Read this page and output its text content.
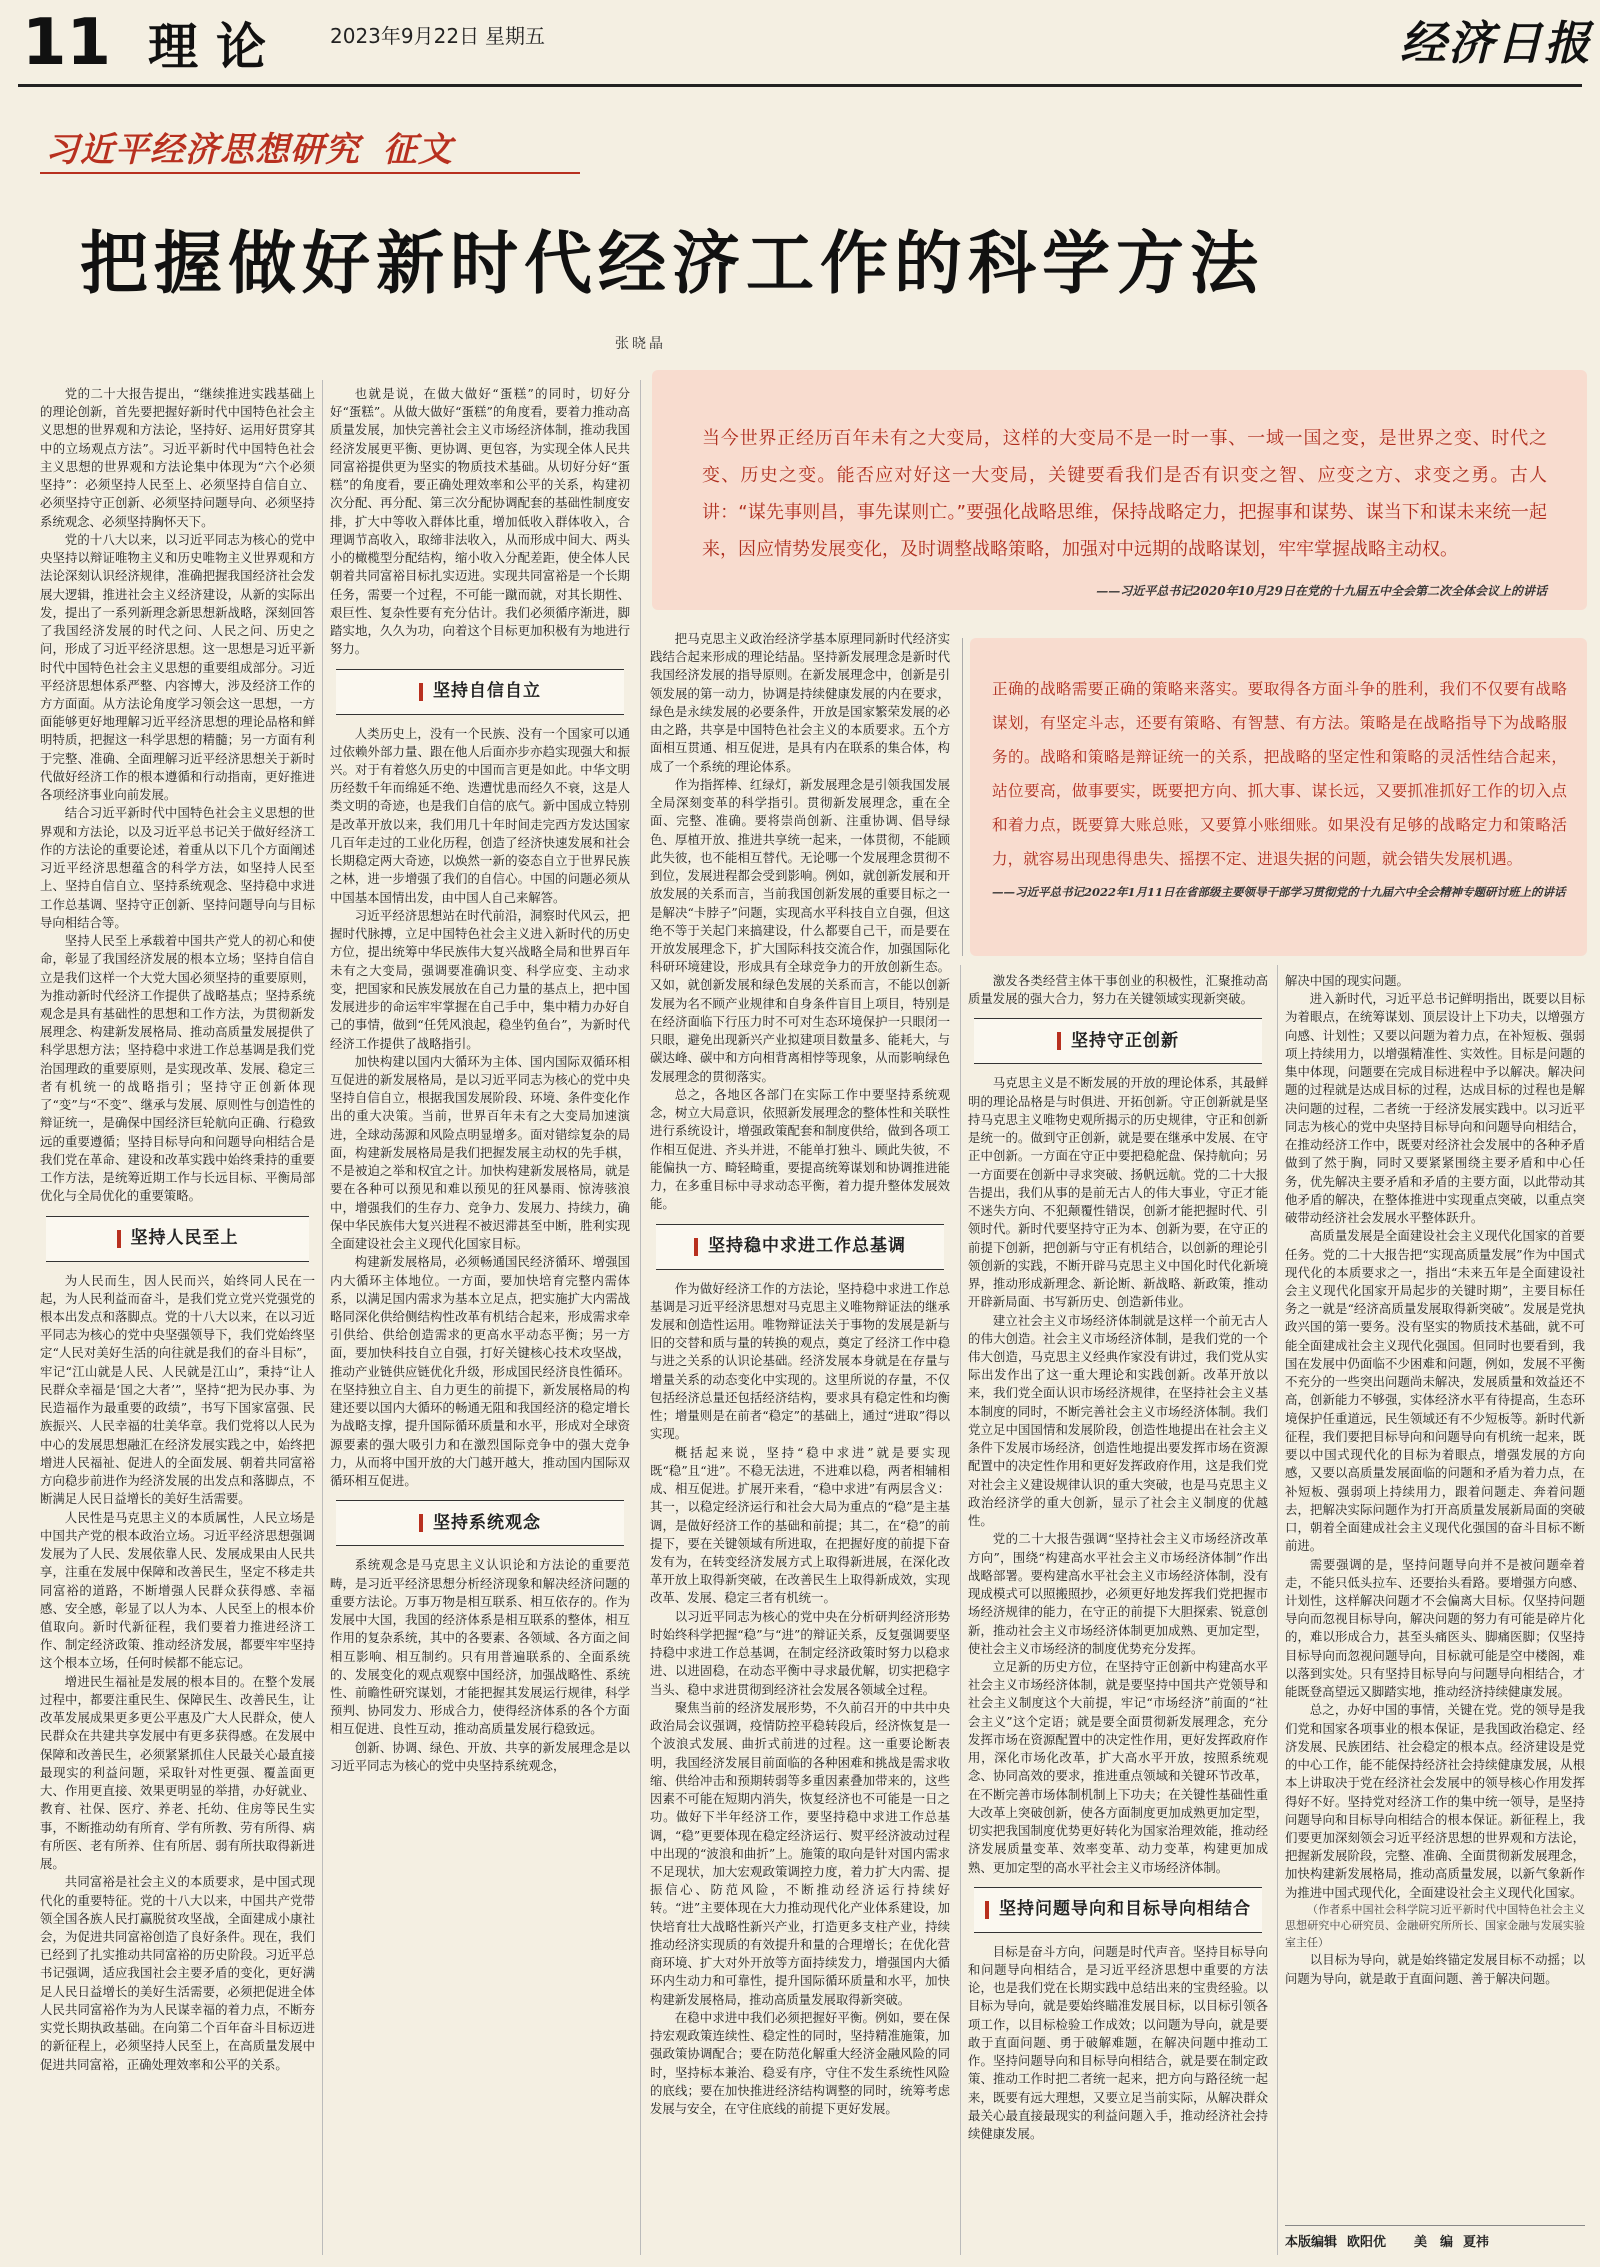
11 理论 2023年9月22日 星期五	经济日报
习近平经济思想研究 征文
把握做好新时代经济工作的科学方法
张晓晶
当今世界正经历百年未有之大变局，这样的大变局不是一时一事、一域一国之变，是世界之变、时代之变、历史之变。能否应对好这一大变局，关键要看我们是否有识变之智、应变之方、求变之勇。古人讲：“谋先事则昌，事先谋则亡。”要强化战略思维，保持战略定力，把握事和谋势、谋当下和谋未来统一起来，因应情势发展变化，及时调整战略策略，加强对中远期的战略谋划，牢牢掌握战略主动权。
——习近平总书记2020年10月29日在党的十九届五中全会第二次全体会议上的讲话
正确的战略需要正确的策略来落实。要取得各方面斗争的胜利，我们不仅要有战略谋划，有坚定斗志，还要有策略、有智慧、有方法。策略是在战略指导下为战略服务的。战略和策略是辩证统一的关系，把战略的坚定性和策略的灵活性结合起来，站位要高，做事要实，既要把方向、抓大事、谋长远，又要抓准抓好工作的切入点和着力点，既要算大账总账，又要算小账细账。如果没有足够的战略定力和策略活力，就容易出现患得患失、摇摆不定、进退失据的问题，就会错失发展机遇。
——习近平总书记2022年1月11日在省部级主要领导干部学习贯彻党的十九届六中全会精神专题研讨班上的讲话

党的二十大报告提出，“继续推进实践基础上的理论创新，首先要把握好新时代中国特色社会主义思想的世界观和方法论，坚持好、运用好贯穿其中的立场观点方法”。习近平新时代中国特色社会主义思想的世界观和方法论集中体现为“六个必须坚持”：必须坚持人民至上、必须坚持自信自立、必须坚持守正创新、必须坚持问题导向、必须坚持系统观念、必须坚持胸怀天下。

党的十八大以来，以习近平同志为核心的党中央坚持以辩证唯物主义和历史唯物主义世界观和方法论深刻认识经济规律，准确把握我国经济社会发展大逻辑，推进社会主义经济建设，从新的实际出发，提出了一系列新理念新思想新战略，深刻回答了我国经济发展的时代之问、人民之问、历史之问，形成了习近平经济思想。这一思想是习近平新时代中国特色社会主义思想的重要组成部分。习近平经济思想体系严整、内容博大，涉及经济工作的方方面面。从方法论角度学习领会这一思想，一方面能够更好地理解习近平经济思想的理论品格和鲜明特质，把握这一科学思想的精髓；另一方面有利于完整、准确、全面理解习近平经济思想关于新时代做好经济工作的根本遵循和行动指南，更好推进各项经济事业向前发展。

结合习近平新时代中国特色社会主义思想的世界观和方法论，以及习近平总书记关于做好经济工作的方法论的重要论述，着重从以下几个方面阐述习近平经济思想蕴含的科学方法，如坚持人民至上、坚持自信自立、坚持系统观念、坚持稳中求进工作总基调、坚持守正创新、坚持问题导向与目标导向相结合等。

坚持人民至上承载着中国共产党人的初心和使命，彰显了我国经济发展的根本立场；坚持自信自立是我们这样一个大党大国必须坚持的重要原则，为推动新时代经济工作提供了战略基点；坚持系统观念是具有基础性的思想和工作方法，为贯彻新发展理念、构建新发展格局、推动高质量发展提供了科学思想方法；坚持稳中求进工作总基调是我们党治国理政的重要原则，是实现改革、发展、稳定三者有机统一的战略指引；坚持守正创新体现了“变”与“不变”、继承与发展、原则性与创造性的辩证统一，是确保中国经济巨轮航向正确、行稳致远的重要遵循；坚持目标导向和问题导向相结合是我们党在革命、建设和改革实践中始终秉持的重要工作方法，是统筹近期工作与长远目标、平衡局部优化与全局优化的重要策略。

坚持人民至上

为人民而生，因人民而兴，始终同人民在一起，为人民利益而奋斗，是我们党立党兴党强党的根本出发点和落脚点。党的十八大以来，在以习近平同志为核心的党中央坚强领导下，我们党始终坚定“人民对美好生活的向往就是我们的奋斗目标”，牢记“江山就是人民、人民就是江山”，秉持“让人民群众幸福是‘国之大者’”，坚持“把为民办事、为民造福作为最重要的政绩”，书写下国家富强、民族振兴、人民幸福的壮美华章。我们党将以人民为中心的发展思想融汇在经济发展实践之中，始终把增进人民福祉、促进人的全面发展、朝着共同富裕方向稳步前进作为经济发展的出发点和落脚点，不断满足人民日益增长的美好生活需要。

人民性是马克思主义的本质属性，人民立场是中国共产党的根本政治立场。习近平经济思想强调发展为了人民、发展依靠人民、发展成果由人民共享，注重在发展中保障和改善民生，坚定不移走共同富裕的道路，不断增强人民群众获得感、幸福感、安全感，彰显了以人为本、人民至上的根本价值取向。新时代新征程，我们要着力推进经济工作、制定经济政策、推动经济发展，都要牢牢坚持这个根本立场，任何时候都不能忘记。

增进民生福祉是发展的根本目的。在整个发展过程中，都要注重民生、保障民生、改善民生，让改革发展成果更多更公平惠及广大人民群众，使人民群众在共建共享发展中有更多获得感。在发展中保障和改善民生，必须紧紧抓住人民最关心最直接最现实的利益问题，采取针对性更强、覆盖面更大、作用更直接、效果更明显的举措，办好就业、教育、社保、医疗、养老、托幼、住房等民生实事，不断推动幼有所育、学有所教、劳有所得、病有所医、老有所养、住有所居、弱有所扶取得新进展。

共同富裕是社会主义的本质要求，是中国式现代化的重要特征。党的十八大以来，中国共产党带领全国各族人民打赢脱贫攻坚战，全面建成小康社会，为促进共同富裕创造了良好条件。现在，我们已经到了扎实推动共同富裕的历史阶段。习近平总书记强调，适应我国社会主要矛盾的变化，更好满足人民日益增长的美好生活需要，必须把促进全体人民共同富裕作为为人民谋幸福的着力点，不断夯实党长期执政基础。在向第二个百年奋斗目标迈进的新征程上，必须坚持人民至上，在高质量发展中促进共同富裕，正确处理效率和公平的关系。

也就是说，在做大做好“蛋糕”的同时，切好分好“蛋糕”。从做大做好“蛋糕”的角度看，要着力推动高质量发展，加快完善社会主义市场经济体制，推动我国经济发展更平衡、更协调、更包容，为实现全体人民共同富裕提供更为坚实的物质技术基础。从切好分好“蛋糕”的角度看，要正确处理效率和公平的关系，构建初次分配、再分配、第三次分配协调配套的基础性制度安排，扩大中等收入群体比重，增加低收入群体收入，合理调节高收入，取缔非法收入，从而形成中间大、两头小的橄榄型分配结构，缩小收入分配差距，使全体人民朝着共同富裕目标扎实迈进。实现共同富裕是一个长期任务，需要一个过程，不可能一蹴而就，对其长期性、艰巨性、复杂性要有充分估计。我们必须循序渐进，脚踏实地，久久为功，向着这个目标更加积极有为地进行努力。

坚持自信自立

人类历史上，没有一个民族、没有一个国家可以通过依赖外部力量、跟在他人后面亦步亦趋实现强大和振兴。对于有着悠久历史的中国而言更是如此。中华文明历经数千年而绵延不绝、迭遭忧患而经久不衰，这是人类文明的奇迹，也是我们自信的底气。新中国成立特别是改革开放以来，我们用几十年时间走完西方发达国家几百年走过的工业化历程，创造了经济快速发展和社会长期稳定两大奇迹，以焕然一新的姿态自立于世界民族之林，进一步增强了我们的自信心。中国的问题必须从中国基本国情出发，由中国人自己来解答。

习近平经济思想站在时代前沿，洞察时代风云，把握时代脉搏，立足中国特色社会主义进入新时代的历史方位，提出统筹中华民族伟大复兴战略全局和世界百年未有之大变局，强调要准确识变、科学应变、主动求变，把国家和民族发展放在自己力量的基点上，把中国发展进步的命运牢牢掌握在自己手中，集中精力办好自己的事情，做到“任凭风浪起，稳坐钓鱼台”，为新时代经济工作提供了战略指引。

加快构建以国内大循环为主体、国内国际双循环相互促进的新发展格局，是以习近平同志为核心的党中央坚持自信自立，根据我国发展阶段、环境、条件变化作出的重大决策。当前，世界百年未有之大变局加速演进，全球动荡源和风险点明显增多。面对错综复杂的局面，构建新发展格局是我们把握发展主动权的先手棋，不是被迫之举和权宜之计。加快构建新发展格局，就是要在各种可以预见和难以预见的狂风暴雨、惊涛骇浪中，增强我们的生存力、竞争力、发展力、持续力，确保中华民族伟大复兴进程不被迟滞甚至中断，胜利实现全面建设社会主义现代化国家目标。

构建新发展格局，必须畅通国民经济循环、增强国内大循环主体地位。一方面，要加快培育完整内需体系，以满足国内需求为基本立足点，把实施扩大内需战略同深化供给侧结构性改革有机结合起来，形成需求牵引供给、供给创造需求的更高水平动态平衡；另一方面，要加快科技自立自强，打好关键核心技术攻坚战，推动产业链供应链优化升级，形成国民经济良性循环。在坚持独立自主、自力更生的前提下，新发展格局的构建还要以国内大循环的畅通无阻和我国经济的稳定增长为战略支撑，提升国际循环质量和水平，形成对全球资源要素的强大吸引力和在激烈国际竞争中的强大竞争力，从而将中国开放的大门越开越大，推动国内国际双循环相互促进。

坚持系统观念

系统观念是马克思主义认识论和方法论的重要范畴，是习近平经济思想分析经济现象和解决经济问题的重要方法论。万事万物是相互联系、相互依存的。作为发展中大国，我国的经济体系是相互联系的整体，相互作用的复杂系统，其中的各要素、各领域、各方面之间相互影响、相互制约。只有用普遍联系的、全面系统的、发展变化的观点观察中国经济，加强战略性、系统性、前瞻性研究谋划，才能把握其发展运行规律，科学预判、协同发力、形成合力，使得经济体系的各个方面相互促进、良性互动，推动高质量发展行稳致远。

创新、协调、绿色、开放、共享的新发展理念是以习近平同志为核心的党中央坚持系统观念，

把马克思主义政治经济学基本原理同新时代经济实践结合起来形成的理论结晶。坚持新发展理念是新时代我国经济发展的指导原则。在新发展理念中，创新是引领发展的第一动力，协调是持续健康发展的内在要求，绿色是永续发展的必要条件，开放是国家繁荣发展的必由之路，共享是中国特色社会主义的本质要求。五个方面相互贯通、相互促进，是具有内在联系的集合体，构成了一个系统的理论体系。

作为指挥棒、红绿灯，新发展理念是引领我国发展全局深刻变革的科学指引。贯彻新发展理念，重在全面、完整、准确。要将崇尚创新、注重协调、倡导绿色、厚植开放、推进共享统一起来，一体贯彻，不能顾此失彼，也不能相互替代。无论哪一个发展理念贯彻不到位，发展进程都会受到影响。例如，就创新发展和开放发展的关系而言，当前我国创新发展的重要目标之一是解决“卡脖子”问题，实现高水平科技自立自强，但这绝不等于关起门来搞建设，什么都要自己干，而是要在开放发展理念下，扩大国际科技交流合作，加强国际化科研环境建设，形成具有全球竞争力的开放创新生态。又如，就创新发展和绿色发展的关系而言，不能以创新发展为名不顾产业规律和自身条件盲目上项目，特别是在经济面临下行压力时不可对生态环境保护一只眼闭一只眼，避免出现新兴产业拟建项目数量多、能耗大，与碳达峰、碳中和方向相背离相悖等现象，从而影响绿色发展理念的贯彻落实。

总之，各地区各部门在实际工作中要坚持系统观念，树立大局意识，依照新发展理念的整体性和关联性进行系统设计，增强政策配套和制度供给，做到各项工作相互促进、齐头并进，不能单打独斗、顾此失彼，不能偏执一方、畸轻畸重，要提高统筹谋划和协调推进能力，在多重目标中寻求动态平衡，着力提升整体发展效能。

坚持稳中求进工作总基调

作为做好经济工作的方法论，坚持稳中求进工作总基调是习近平经济思想对马克思主义唯物辩证法的继承发展和创造性运用。唯物辩证法关于事物的发展是新与旧的交替和质与量的转换的观点，奠定了经济工作中稳与进之关系的认识论基础。经济发展本身就是在存量与增量关系的动态变化中实现的。这里所说的存量，不仅包括经济总量还包括经济结构，要求具有稳定性和均衡性；增量则是在前者“稳定”的基础上，通过“进取”得以实现。

概括起来说，坚持“稳中求进”就是要实现既“稳”且“进”。不稳无法进，不进难以稳，两者相辅相成、相互促进。扩展开来看，“稳中求进”有两层含义：其一，以稳定经济运行和社会大局为重点的“稳”是主基调，是做好经济工作的基础和前提；其二，在“稳”的前提下，要在关键领域有所进取，在把握好度的前提下奋发有为，在转变经济发展方式上取得新进展，在深化改革开放上取得新突破，在改善民生上取得新成效，实现改革、发展、稳定三者有机统一。

以习近平同志为核心的党中央在分析研判经济形势时始终科学把握“稳”与“进”的辩证关系，反复强调要坚持稳中求进工作总基调，在制定经济政策时努力以稳求进、以进固稳，在动态平衡中寻求最优解，切实把稳字当头、稳中求进贯彻到经济社会发展各领域全过程。

聚焦当前的经济发展形势，不久前召开的中共中央政治局会议强调，疫情防控平稳转段后，经济恢复是一个波浪式发展、曲折式前进的过程。这一重要论断表明，我国经济发展目前面临的各种困难和挑战是需求收缩、供给冲击和预期转弱等多重因素叠加带来的，这些因素不可能在短期内消失，恢复经济也不可能是一日之功。做好下半年经济工作，要坚持稳中求进工作总基调，“稳”更要体现在稳定经济运行、熨平经济波动过程中出现的“波浪和曲折”上。施策的取向是针对国内需求不足现状，加大宏观政策调控力度，着力扩大内需、提振信心、防范风险，不断推动经济运行持续好转。“进”主要体现在大力推动现代化产业体系建设，加快培育壮大战略性新兴产业，打造更多支柱产业，持续推动经济实现质的有效提升和量的合理增长；在优化营商环境、扩大对外开放等方面持续发力，增强国内大循环内生动力和可靠性，提升国际循环质量和水平，加快构建新发展格局，推动高质量发展取得新突破。

在稳中求进中我们必须把握好平衡。例如，要在保持宏观政策连续性、稳定性的同时，坚持精准施策，加强政策协调配合；要在防范化解重大经济金融风险的同时，坚持标本兼治、稳妥有序，守住不发生系统性风险的底线；要在加快推进经济结构调整的同时，统筹考虑发展与安全，在守住底线的前提下更好发展。

激发各类经营主体干事创业的积极性，汇聚推动高质量发展的强大合力，努力在关键领域实现新突破。

坚持守正创新

马克思主义是不断发展的开放的理论体系，其最鲜明的理论品格是与时俱进、开拓创新。守正创新就是坚持马克思主义唯物史观所揭示的历史规律，守正和创新是统一的。做到守正创新，就是要在继承中发展、在守正中创新。一方面在守正中要把稳舵盘、保持航向；另一方面要在创新中寻求突破、扬帆远航。党的二十大报告提出，我们从事的是前无古人的伟大事业，守正才能不迷失方向、不犯颠覆性错误，创新才能把握时代、引领时代。新时代要坚持守正为本、创新为要，在守正的前提下创新，把创新与守正有机结合，以创新的理论引领创新的实践，不断开辟马克思主义中国化时代化新境界，推动形成新理念、新论断、新战略、新政策，推动开辟新局面、书写新历史、创造新伟业。

建立社会主义市场经济体制就是这样一个前无古人的伟大创造。社会主义市场经济体制，是我们党的一个伟大创造，马克思主义经典作家没有讲过，我们党从实际出发作出了这一重大理论和实践创新。改革开放以来，我们党全面认识市场经济规律，在坚持社会主义基本制度的同时，不断完善社会主义市场经济体制。我们党立足中国国情和发展阶段，创造性地提出在社会主义条件下发展市场经济，创造性地提出要发挥市场在资源配置中的决定性作用和更好发挥政府作用，这是我们党对社会主义建设规律认识的重大突破，也是马克思主义政治经济学的重大创新，显示了社会主义制度的优越性。

党的二十大报告强调“坚持社会主义市场经济改革方向”，围绕“构建高水平社会主义市场经济体制”作出战略部署。要构建高水平社会主义市场经济体制，没有现成模式可以照搬照抄，必须更好地发挥我们党把握市场经济规律的能力，在守正的前提下大胆探索、锐意创新，推动社会主义市场经济体制更加成熟、更加定型，使社会主义市场经济的制度优势充分发挥。

立足新的历史方位，在坚持守正创新中构建高水平社会主义市场经济体制，就是要坚持中国共产党领导和社会主义制度这个大前提，牢记“市场经济”前面的“社会主义”这个定语；就是要全面贯彻新发展理念，充分发挥市场在资源配置中的决定性作用，更好发挥政府作用，深化市场化改革，扩大高水平开放，按照系统观念、协同高效的要求，推进重点领域和关键环节改革，在不断完善市场体制机制上下功夫；在关键性基础性重大改革上突破创新，使各方面制度更加成熟更加定型，切实把我国制度优势更好转化为国家治理效能，推动经济发展质量变革、效率变革、动力变革，构建更加成熟、更加定型的高水平社会主义市场经济体制。

坚持问题导向和目标导向相结合

目标是奋斗方向，问题是时代声音。坚持目标导向和问题导向相结合，是习近平经济思想中重要的方法论，也是我们党在长期实践中总结出来的宝贵经验。以目标为导向，就是要始终瞄准发展目标，以目标引领各项工作，以目标检验工作成效；以问题为导向，就是要敢于直面问题、勇于破解难题，在解决问题中推动工作。坚持问题导向和目标导向相结合，就是要在制定政策、推动工作时把二者统一起来，把方向与路径统一起来，既要有远大理想，又要立足当前实际，从解决群众最关心最直接最现实的利益问题入手，推动经济社会持续健康发展。

解决中国的现实问题。

进入新时代，习近平总书记鲜明指出，既要以目标为着眼点，在统筹谋划、顶层设计上下功夫，以增强方向感、计划性；又要以问题为着力点，在补短板、强弱项上持续用力，以增强精准性、实效性。目标是问题的集中体现，问题要在完成目标进程中予以解决。解决问题的过程就是达成目标的过程，达成目标的过程也是解决问题的过程，二者统一于经济发展实践中。以习近平同志为核心的党中央坚持目标导向和问题导向相结合，在推动经济工作中，既要对经济社会发展中的各种矛盾做到了然于胸，同时又要紧紧围绕主要矛盾和中心任务，优先解决主要矛盾和矛盾的主要方面，以此带动其他矛盾的解决，在整体推进中实现重点突破，以重点突破带动经济社会发展水平整体跃升。

高质量发展是全面建设社会主义现代化国家的首要任务。党的二十大报告把“实现高质量发展”作为中国式现代化的本质要求之一，指出“未来五年是全面建设社会主义现代化国家开局起步的关键时期”，主要目标任务之一就是“经济高质量发展取得新突破”。发展是党执政兴国的第一要务。没有坚实的物质技术基础，就不可能全面建成社会主义现代化强国。但同时也要看到，我国在发展中仍面临不少困难和问题，例如，发展不平衡不充分的一些突出问题尚未解决，发展质量和效益还不高，创新能力不够强，实体经济水平有待提高，生态环境保护任重道远，民生领域还有不少短板等。新时代新征程，我们要把目标导向和问题导向有机统一起来，既要以中国式现代化的目标为着眼点，增强发展的方向感，又要以高质量发展面临的问题和矛盾为着力点，在补短板、强弱项上持续用力，跟着问题走、奔着问题去，把解决实际问题作为打开高质量发展新局面的突破口，朝着全面建成社会主义现代化强国的奋斗目标不断前进。

需要强调的是，坚持问题导向并不是被问题牵着走，不能只低头拉车、还要抬头看路。要增强方向感、计划性，这样解决问题才不会偏离大目标。仅坚持问题导向而忽视目标导向，解决问题的努力有可能是碎片化的，难以形成合力，甚至头痛医头、脚痛医脚；仅坚持目标导向而忽视问题导向，目标就可能是空中楼阁，难以落到实处。只有坚持目标导向与问题导向相结合，才能既登高望远又脚踏实地，推动经济持续健康发展。

总之，办好中国的事情，关键在党。党的领导是我们党和国家各项事业的根本保证，是我国政治稳定、经济发展、民族团结、社会稳定的根本点。经济建设是党的中心工作，能不能保持经济社会持续健康发展，从根本上讲取决于党在经济社会发展中的领导核心作用发挥得好不好。坚持党对经济工作的集中统一领导，是坚持问题导向和目标导向相结合的根本保证。新征程上，我们要更加深刻领会习近平经济思想的世界观和方法论，把握新发展阶段，完整、准确、全面贯彻新发展理念，加快构建新发展格局，推动高质量发展，以新气象新作为推进中国式现代化，全面建设社会主义现代化国家。

（作者系中国社会科学院习近平新时代中国特色社会主义思想研究中心研究员、金融研究所所长、国家金融与发展实验室主任）

以目标为导向，就是始终锚定发展目标不动摇；以问题为导向，就是敢于直面问题、善于解决问题。

本版编辑 欧阳优 美　编 夏祎
